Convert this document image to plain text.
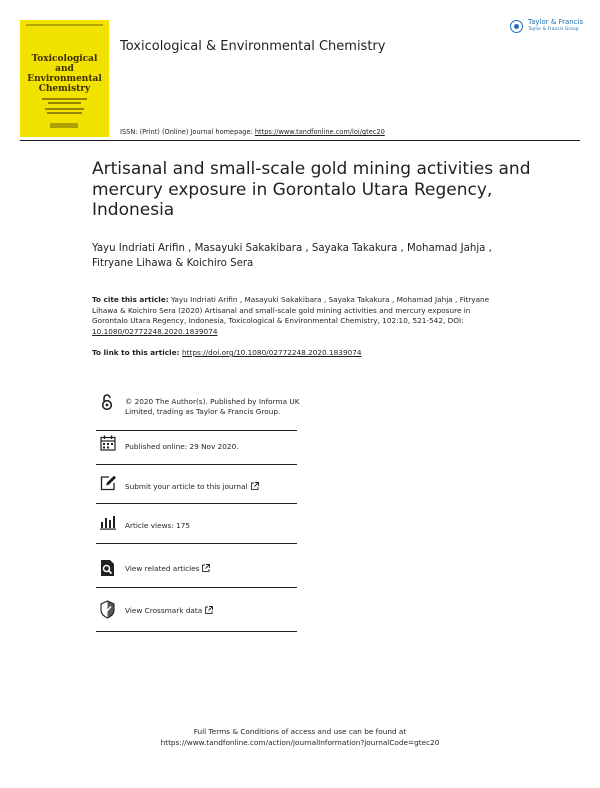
Toxicological and Environmental Chemistry
Toxicological & Environmental Chemistry
Taylor & Francis
Taylor & Francis Group
ISSN: (Print) (Online) Journal homepage: https://www.tandfonline.com/loi/gtec20
Artisanal and small-scale gold mining activities and mercury exposure in Gorontalo Utara Regency, Indonesia
Yayu Indriati Arifin , Masayuki Sakakibara , Sayaka Takakura , Mohamad Jahja , Fitryane Lihawa & Koichiro Sera
To cite this article: Yayu Indriati Arifin , Masayuki Sakakibara , Sayaka Takakura , Mohamad Jahja , Fitryane Lihawa & Koichiro Sera (2020) Artisanal and small-scale gold mining activities and mercury exposure in Gorontalo Utara Regency, Indonesia, Toxicological & Environmental Chemistry, 102:10, 521-542, DOI: 10.1080/02772248.2020.1839074
To link to this article: https://doi.org/10.1080/02772248.2020.1839074
© 2020 The Author(s). Published by Informa UK Limited, trading as Taylor & Francis Group.
Published online: 29 Nov 2020.
Submit your article to this journal
Article views: 175
View related articles
View Crossmark data
Full Terms & Conditions of access and use can be found at
https://www.tandfonline.com/action/journalInformation?journalCode=gtec20
